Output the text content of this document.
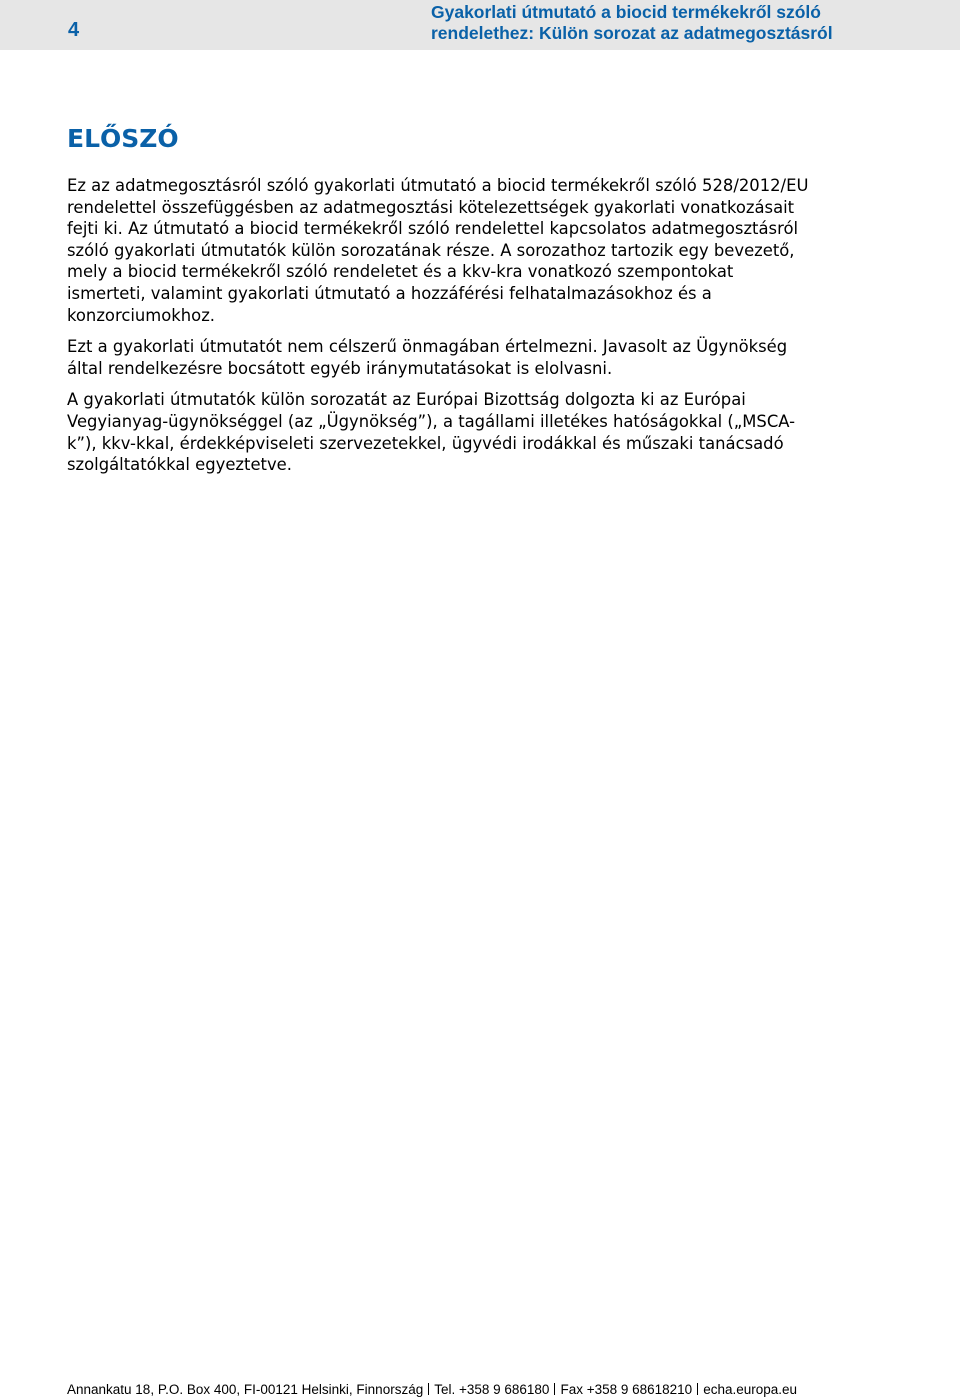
4
Gyakorlati útmutató a biocid termékekről szóló
rendelethez: Külön sorozat az adatmegosztásról
ELŐSZÓ

Ez az adatmegosztásról szóló gyakorlati útmutató a biocid termékekről szóló 528/2012/EU
rendelettel összefüggésben az adatmegosztási kötelezettségek gyakorlati vonatkozásait
fejti ki. Az útmutató a biocid termékekről szóló rendelettel kapcsolatos adatmegosztásról
szóló gyakorlati útmutatók külön sorozatának része. A sorozathoz tartozik egy bevezető,
mely a biocid termékekről szóló rendeletet és a kkv-kra vonatkozó szempontokat
ismerteti, valamint gyakorlati útmutató a hozzáférési felhatalmazásokhoz és a
konzorciumokhoz.

Ezt a gyakorlati útmutatót nem célszerű önmagában értelmezni. Javasolt az Ügynökség
által rendelkezésre bocsátott egyéb iránymutatásokat is elolvasni.

A gyakorlati útmutatók külön sorozatát az Európai Bizottság dolgozta ki az Európai
Vegyianyag-ügynökséggel (az „Ügynökség”), a tagállami illetékes hatóságokkal („MSCA-
k”), kkv-kkal, érdekképviseleti szervezetekkel, ügyvédi irodákkal és műszaki tanácsadó
szolgáltatókkal egyeztetve.

Annankatu 18, P.O. Box 400, FI-00121 Helsinki, Finnország Tel. +358 9 686180 Fax +358 9 68618210 echa.europa.eu
